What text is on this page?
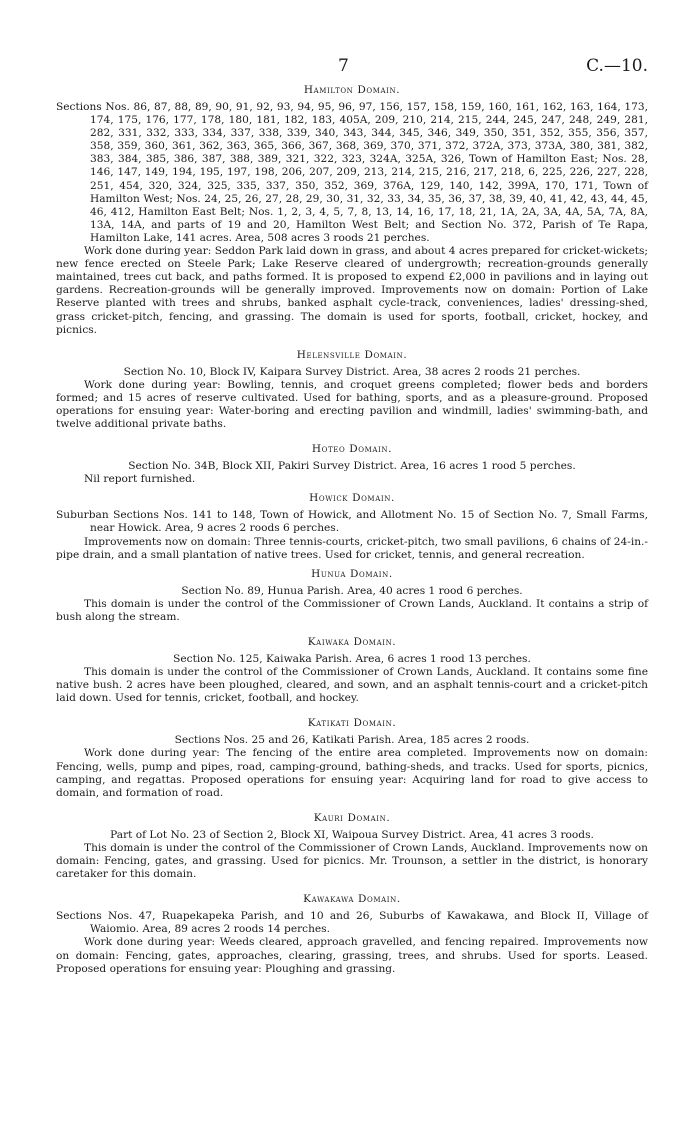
7	C.—10.

Hamilton Domain.

Sections Nos. 86, 87, 88, 89, 90, 91, 92, 93, 94, 95, 96, 97, 156, 157, 158, 159, 160, 161, 162, 163, 164, 173, 174, 175, 176, 177, 178, 180, 181, 182, 183, 405A, 209, 210, 214, 215, 244, 245, 247, 248, 249, 281, 282, 331, 332, 333, 334, 337, 338, 339, 340, 343, 344, 345, 346, 349, 350, 351, 352, 355, 356, 357, 358, 359, 360, 361, 362, 363, 365, 366, 367, 368, 369, 370, 371, 372, 372A, 373, 373A, 380, 381, 382, 383, 384, 385, 386, 387, 388, 389, 321, 322, 323, 324A, 325A, 326, Town of Hamilton East; Nos. 28, 146, 147, 149, 194, 195, 197, 198, 206, 207, 209, 213, 214, 215, 216, 217, 218, 6, 225, 226, 227, 228, 251, 454, 320, 324, 325, 335, 337, 350, 352, 369, 376A, 129, 140, 142, 399A, 170, 171, Town of Hamilton West; Nos. 24, 25, 26, 27, 28, 29, 30, 31, 32, 33, 34, 35, 36, 37, 38, 39, 40, 41, 42, 43, 44, 45, 46, 412, Hamilton East Belt; Nos. 1, 2, 3, 4, 5, 7, 8, 13, 14, 16, 17, 18, 21, 1A, 2A, 3A, 4A, 5A, 7A, 8A, 13A, 14A, and parts of 19 and 20, Hamilton West Belt; and Section No. 372, Parish of Te Rapa, Hamilton Lake, 141 acres. Area, 508 acres 3 roods 21 perches.

Work done during year: Seddon Park laid down in grass, and about 4 acres prepared for cricket-wickets; new fence erected on Steele Park; Lake Reserve cleared of undergrowth; recreation-grounds generally maintained, trees cut back, and paths formed. It is proposed to expend £2,000 in pavilions and in laying out gardens. Recreation-grounds will be generally improved. Improvements now on domain: Portion of Lake Reserve planted with trees and shrubs, banked asphalt cycle-track, conveniences, ladies' dressing-shed, grass cricket-pitch, fencing, and grassing. The domain is used for sports, football, cricket, hockey, and picnics.

Helensville Domain.

Section No. 10, Block IV, Kaipara Survey District. Area, 38 acres 2 roods 21 perches.

Work done during year: Bowling, tennis, and croquet greens completed; flower beds and borders formed; and 15 acres of reserve cultivated. Used for bathing, sports, and as a pleasure-ground. Proposed operations for ensuing year: Water-boring and erecting pavilion and windmill, ladies' swimming-bath, and twelve additional private baths.

Hoteo Domain.

Section No. 34B, Block XII, Pakiri Survey District. Area, 16 acres 1 rood 5 perches.

Nil report furnished.

Howick Domain.

Suburban Sections Nos. 141 to 148, Town of Howick, and Allotment No. 15 of Section No. 7, Small Farms, near Howick. Area, 9 acres 2 roods 6 perches.

Improvements now on domain: Three tennis-courts, cricket-pitch, two small pavilions, 6 chains of 24-in.-pipe drain, and a small plantation of native trees. Used for cricket, tennis, and general recreation.

Hunua Domain.

Section No. 89, Hunua Parish. Area, 40 acres 1 rood 6 perches.

This domain is under the control of the Commissioner of Crown Lands, Auckland. It contains a strip of bush along the stream.

Kaiwaka Domain.

Section No. 125, Kaiwaka Parish. Area, 6 acres 1 rood 13 perches.

This domain is under the control of the Commissioner of Crown Lands, Auckland. It contains some fine native bush. 2 acres have been ploughed, cleared, and sown, and an asphalt tennis-court and a cricket-pitch laid down. Used for tennis, cricket, football, and hockey.

Katikati Domain.

Sections Nos. 25 and 26, Katikati Parish. Area, 185 acres 2 roods.

Work done during year: The fencing of the entire area completed. Improvements now on domain: Fencing, wells, pump and pipes, road, camping-ground, bathing-sheds, and tracks. Used for sports, picnics, camping, and regattas. Proposed operations for ensuing year: Acquiring land for road to give access to domain, and formation of road.

Kauri Domain.

Part of Lot No. 23 of Section 2, Block XI, Waipoua Survey District. Area, 41 acres 3 roods.

This domain is under the control of the Commissioner of Crown Lands, Auckland. Improvements now on domain: Fencing, gates, and grassing. Used for picnics. Mr. Trounson, a settler in the district, is honorary caretaker for this domain.

Kawakawa Domain.

Sections Nos. 47, Ruapekapeka Parish, and 10 and 26, Suburbs of Kawakawa, and Block II, Village of Waiomio. Area, 89 acres 2 roods 14 perches.

Work done during year: Weeds cleared, approach gravelled, and fencing repaired. Improvements now on domain: Fencing, gates, approaches, clearing, grassing, trees, and shrubs. Used for sports. Leased. Proposed operations for ensuing year: Ploughing and grassing.
